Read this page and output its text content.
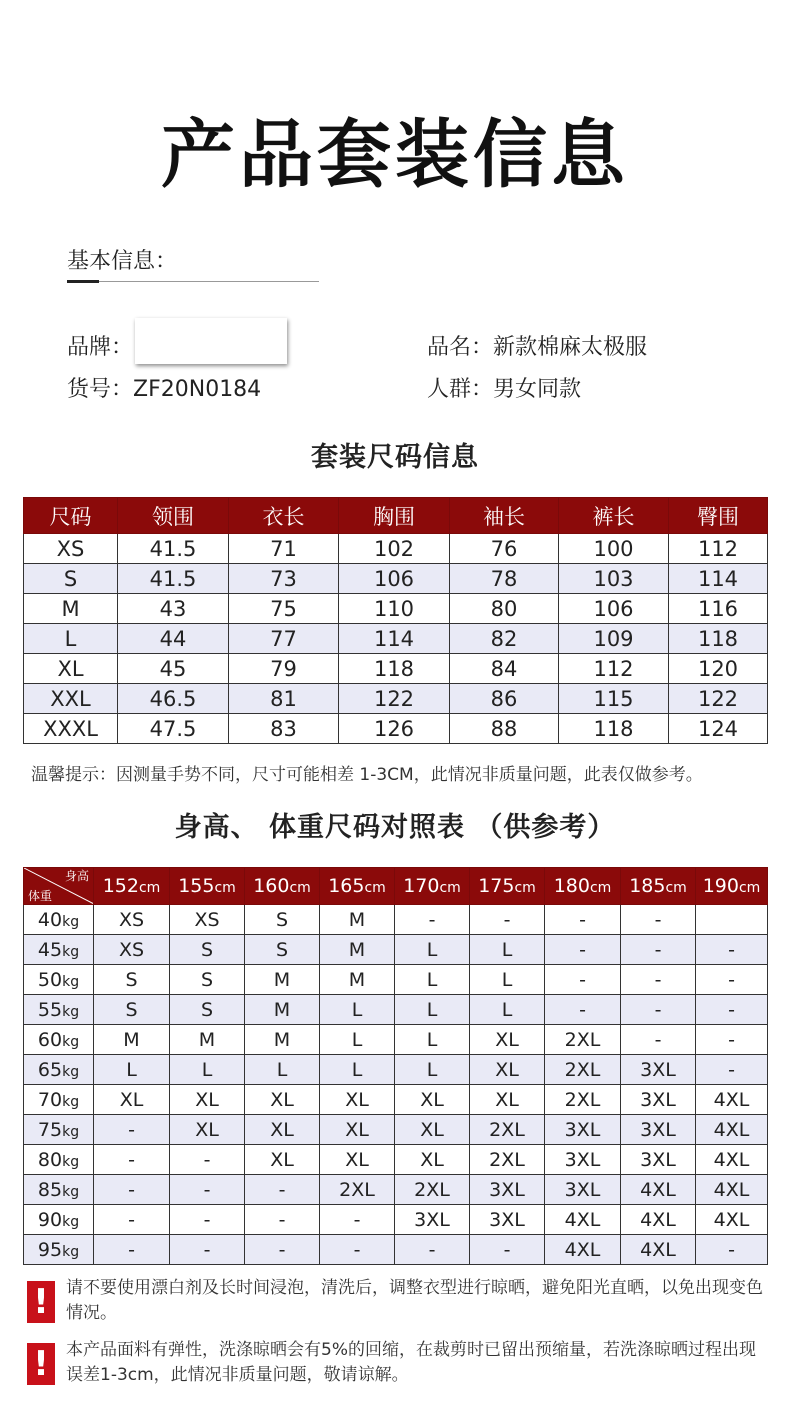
产品套装信息
基本信息：
品牌：	品名：新款棉麻太极服
货号：ZF20N0184	人群：男女同款
套装尺码信息
尺码	领围	衣长	胸围	袖长	裤长	臀围
XS	41.5	71	102	76	100	112
S	41.5	73	106	78	103	114
M	43	75	110	80	106	116
L	44	77	114	82	109	118
XL	45	79	118	84	112	120
XXL	46.5	81	122	86	115	122
XXXL	47.5	83	126	88	118	124
温馨提示：因测量手势不同，尺寸可能相差 1-3CM，此情况非质量问题，此表仅做参考。
身高、 体重尺码对照表 （供参考）
身高
体重	152cm	155cm	160cm	165cm	170cm	175cm	180cm	185cm	190cm
40kg	XS	XS	S	M	-	-	-	-	
45kg	XS	S	S	M	L	L	-	-	-
50kg	S	S	M	M	L	L	-	-	-
55kg	S	S	M	L	L	L	-	-	-
60kg	M	M	M	L	L	XL	2XL	-	-
65kg	L	L	L	L	L	XL	2XL	3XL	-
70kg	XL	XL	XL	XL	XL	XL	2XL	3XL	4XL
75kg	-	XL	XL	XL	XL	2XL	3XL	3XL	4XL
80kg	-	-	XL	XL	XL	2XL	3XL	3XL	4XL
85kg	-	-	-	2XL	2XL	3XL	3XL	4XL	4XL
90kg	-	-	-	-	3XL	3XL	4XL	4XL	4XL
95kg	-	-	-	-	-	-	4XL	4XL	-
!	请不要使用漂白剂及长时间浸泡，清洗后，调整衣型进行晾晒，避免阳光直晒，以免出现变色情况。
!	本产品面料有弹性，洗涤晾晒会有5%的回缩，在裁剪时已留出预缩量，若洗涤晾晒过程出现误差1-3cm，此情况非质量问题，敬请谅解。
